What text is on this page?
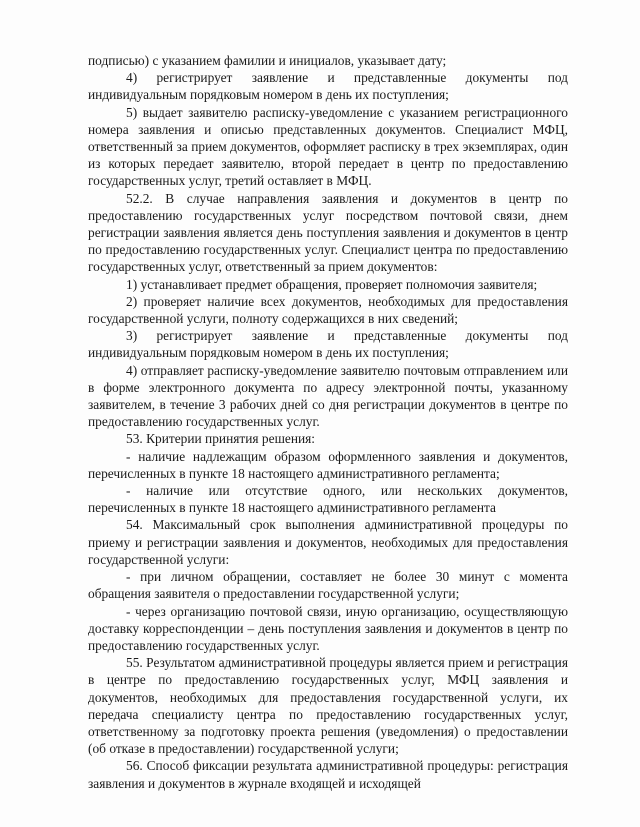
подписью) с указанием фамилии и инициалов, указывает дату;

4) регистрирует заявление и представленные документы под индивидуальным порядковым номером в день их поступления;

5) выдает заявителю расписку-уведомление с указанием регистрационного номера заявления и описью представленных документов. Специалист МФЦ, ответственный за прием документов, оформляет расписку в трех экземплярах, один из которых передает заявителю, второй передает в центр по предоставлению государственных услуг, третий оставляет в МФЦ.

52.2. В случае направления заявления и документов в центр по предоставлению государственных услуг посредством почтовой связи, днем регистрации заявления является день поступления заявления и документов в центр по предоставлению государственных услуг. Специалист центра по предоставлению государственных услуг, ответственный за прием документов:

1) устанавливает предмет обращения, проверяет полномочия заявителя;

2) проверяет наличие всех документов, необходимых для предоставления государственной услуги, полноту содержащихся в них сведений;

3) регистрирует заявление и представленные документы под индивидуальным порядковым номером в день их поступления;

4) отправляет расписку-уведомление заявителю почтовым отправлением или в форме электронного документа по адресу электронной почты, указанному заявителем, в течение 3 рабочих дней со дня регистрации документов в центре по предоставлению государственных услуг.

53. Критерии принятия решения:

- наличие надлежащим образом оформленного заявления и документов, перечисленных в пункте 18 настоящего административного регламента;

- наличие или отсутствие одного, или нескольких документов, перечисленных в пункте 18 настоящего административного регламента

54. Максимальный срок выполнения административной процедуры по приему и регистрации заявления и документов, необходимых для предоставления государственной услуги:

- при личном обращении, составляет не более 30 минут с момента обращения заявителя о предоставлении государственной услуги;

- через организацию почтовой связи, иную организацию, осуществляющую доставку корреспонденции – день поступления заявления и документов в центр по предоставлению государственных услуг.

55. Результатом административной процедуры является прием и регистрация в центре по предоставлению государственных услуг, МФЦ заявления и документов, необходимых для предоставления государственной услуги, их передача специалисту центра по предоставлению государственных услуг, ответственному за подготовку проекта решения (уведомления) о предоставлении (об отказе в предоставлении) государственной услуги;

56. Способ фиксации результата административной процедуры: регистрация заявления и документов в журнале входящей и исходящей
